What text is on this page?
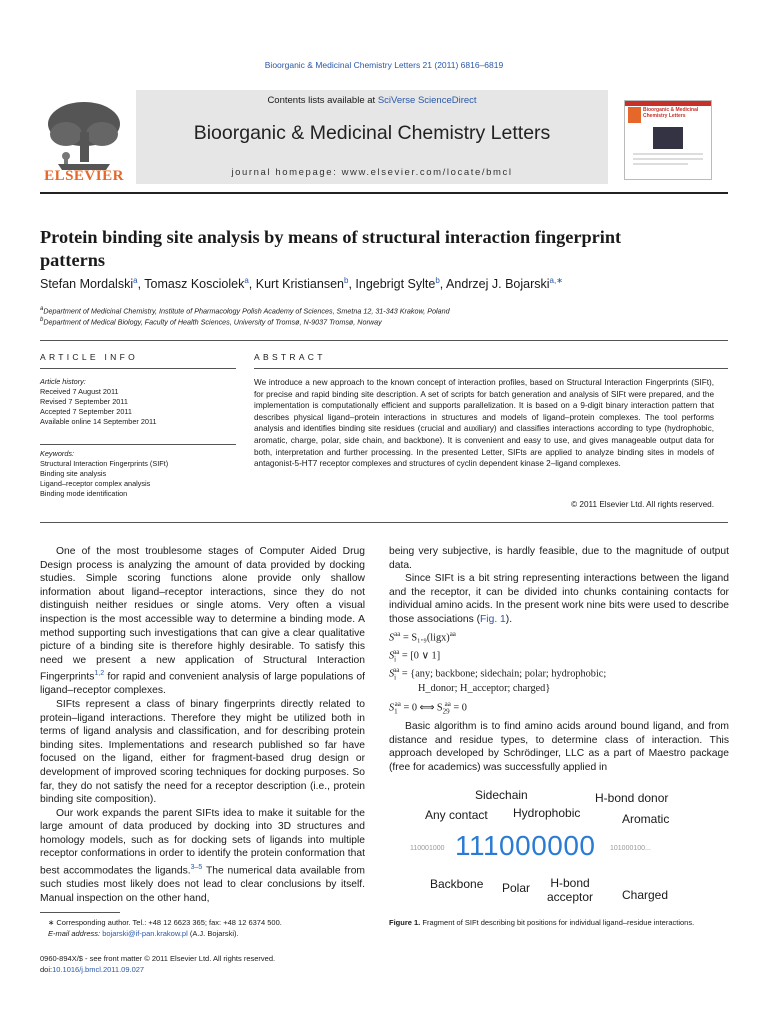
Bioorganic & Medicinal Chemistry Letters 21 (2011) 6816–6819
Contents lists available at SciVerse ScienceDirect
Bioorganic & Medicinal Chemistry Letters
journal homepage: www.elsevier.com/locate/bmcl
ELSEVIER
Bioorganic & Medicinal Chemistry Letters
Protein binding site analysis by means of structural interaction fingerprint
patterns
Stefan Mordalski$^a$, Tomasz Kosciolek$^a$, Kurt Kristiansen$^b$, Ingebrigt Sylte$^b$, Andrzej J. Bojarski$^{a,∗}$
$^a$Department of Medicinal Chemistry, Institute of Pharmacology Polish Academy of Sciences, Smetna 12, 31-343 Krakow, Poland
$^b$Department of Medical Biology, Faculty of Health Sciences, University of Tromsø, N-9037 Tromsø, Norway
ARTICLE INFO
Article history:
Received 7 August 2011
Revised 7 September 2011
Accepted 7 September 2011
Available online 14 September 2011
Keywords:
Structural Interaction Fingerprints (SIFt)
Binding site analysis
Ligand–receptor complex analysis
Binding mode identification
ABSTRACT
We introduce a new approach to the known concept of interaction profiles, based on Structural Interaction Fingerprints (SIFt), for precise and rapid binding site description. A set of scripts for batch generation and analysis of SIFt were prepared, and the implementation is computationally efficient and supports parallelization. It is based on a 9-digit binary interaction pattern that describes physical ligand–protein interactions in structures and models of ligand–protein complexes. The tool performs analysis and identifies binding site residues (crucial and auxiliary) and classifies interactions according to type (hydrophobic, aromatic, charge, polar, side chain, and backbone). It is convenient and easy to use, and gives manageable output data for both, interpretation and further processing. In the presented Letter, SIFts are applied to analyze binding sites in models of antagonist-5-HT7 receptor complexes and structures of cyclin dependent kinase 2–ligand complexes.
© 2011 Elsevier Ltd. All rights reserved.

One of the most troublesome stages of Computer Aided Drug Design process is analyzing the amount of data provided by docking studies. Simple scoring functions alone provide only shallow information about ligand–receptor interactions, since they do not distinguish neither residues or single atoms. Very often a visual inspection is the most accessible way to determine a binding mode. A method supporting such investigations that can give a clear qualitative picture of a binding site is therefore highly desirable. To satisfy this need we present a new application of Structural Interaction Fingerprints$^{1,2}$ for rapid and convenient analysis of large populations of ligand–receptor complexes.

SIFts represent a class of binary fingerprints directly related to protein–ligand interactions. Therefore they might be utilized both in terms of ligand analysis and classification, and for describing protein binding sites. Implementations and research published so far have focused on the ligand, either for fragment-based drug design or development of improved scoring techniques for docking purposes. So far, they do not satisfy the need for a receptor description (i.e., protein binding site composition).

Our work expands the parent SIFts idea to make it suitable for the large amount of data produced by docking into 3D structures and homology models, such as for docking sets of ligands into multiple receptor conformations in order to identify the protein conformation that best accommodates the ligands.$^{3-5}$ The numerical data available from such studies most likely does not lead to clear conclusions by itself. Manual inspection on the other hand,

being very subjective, is hardly feasible, due to the magnitude of output data.

Since SIFt is a bit string representing interactions between the ligand and the receptor, it can be divided into chunks containing contacts for individual amino acids. In the present work nine bits were used to describe those associations (Fig. 1).

$S^{aa}$ = S₁.₉(ligx)$^{aa}$
$S_i^{aa} = [0$ ∨ 1]
$S_i^{aa} = \{any$; backbone; sidechain; polar; hydrophobic;
H_donor; H_acceptor; charged}
$S_1^{aa} = 0$ ⟺ $S_{29}^{aa} = 0$

Basic algorithm is to find amino acids around bound ligand, and from distance and residue types, to determine class of interaction. This approach developed by Schrödinger, LLC as a part of Maestro package (free for academics) was successfully applied in

Sidechain	H-bond donor
Any contact Hydrophobic	Aromatic
110001000 111000000 101000100...
Backbone Polar H-bond
acceptor Charged
Figure 1. Fragment of SIFt describing bit positions for individual ligand–residue interactions.
∗ Corresponding author. Tel.: +48 12 6623 365; fax: +48 12 6374 500.
E-mail address: bojarski@if-pan.krakow.pl (A.J. Bojarski).
0960-894X/$ - see front matter © 2011 Elsevier Ltd. All rights reserved.
doi:10.1016/j.bmcl.2011.09.027
